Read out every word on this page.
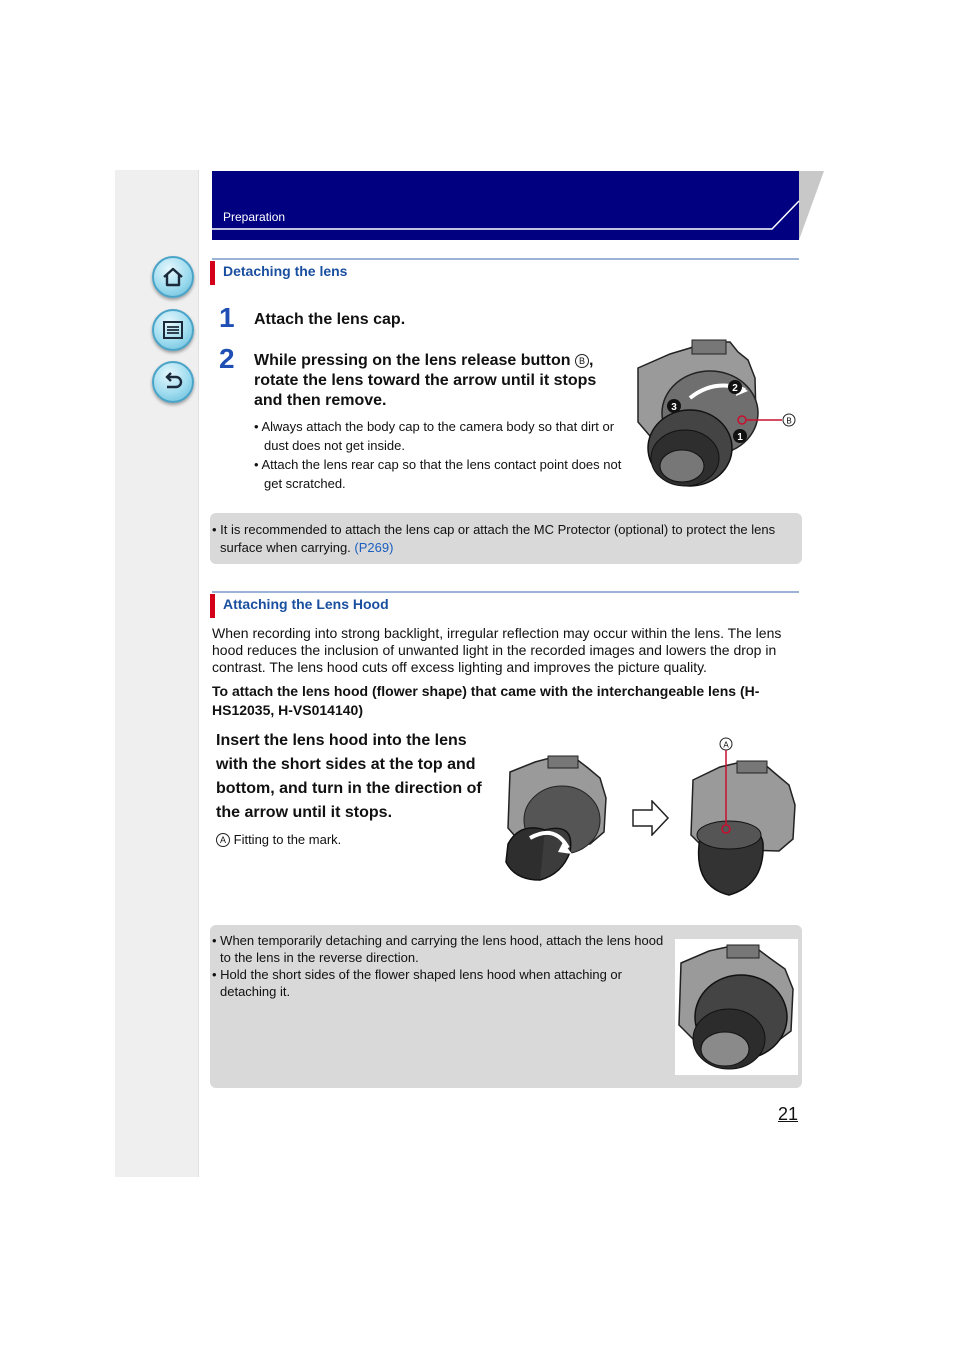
Preparation
Detaching the lens
1 Attach the lens cap.
2 While pressing on the lens release button B , rotate the lens toward the arrow until it stops and then remove.
• Always attach the body cap to the camera body so that dirt or dust does not get inside.
• Attach the lens rear cap so that the lens contact point does not get scratched.
2
3
1
B
• It is recommended to attach the lens cap or attach the MC Protector (optional) to protect the lens surface when carrying. (P269)
Attaching the Lens Hood
When recording into strong backlight, irregular reflection may occur within the lens. The lens hood reduces the inclusion of unwanted light in the recorded images and lowers the drop in contrast. The lens hood cuts off excess lighting and improves the picture quality.
To attach the lens hood (flower shape) that came with the interchangeable lens (H-HS12035, H-VS014140)
Insert the lens hood into the lens with the short sides at the top and bottom, and turn in the direction of the arrow until it stops.
A Fitting to the mark.
A
• When temporarily detaching and carrying the lens hood, attach the lens hood to the lens in the reverse direction.
• Hold the short sides of the flower shaped lens hood when attaching or detaching it.
21
